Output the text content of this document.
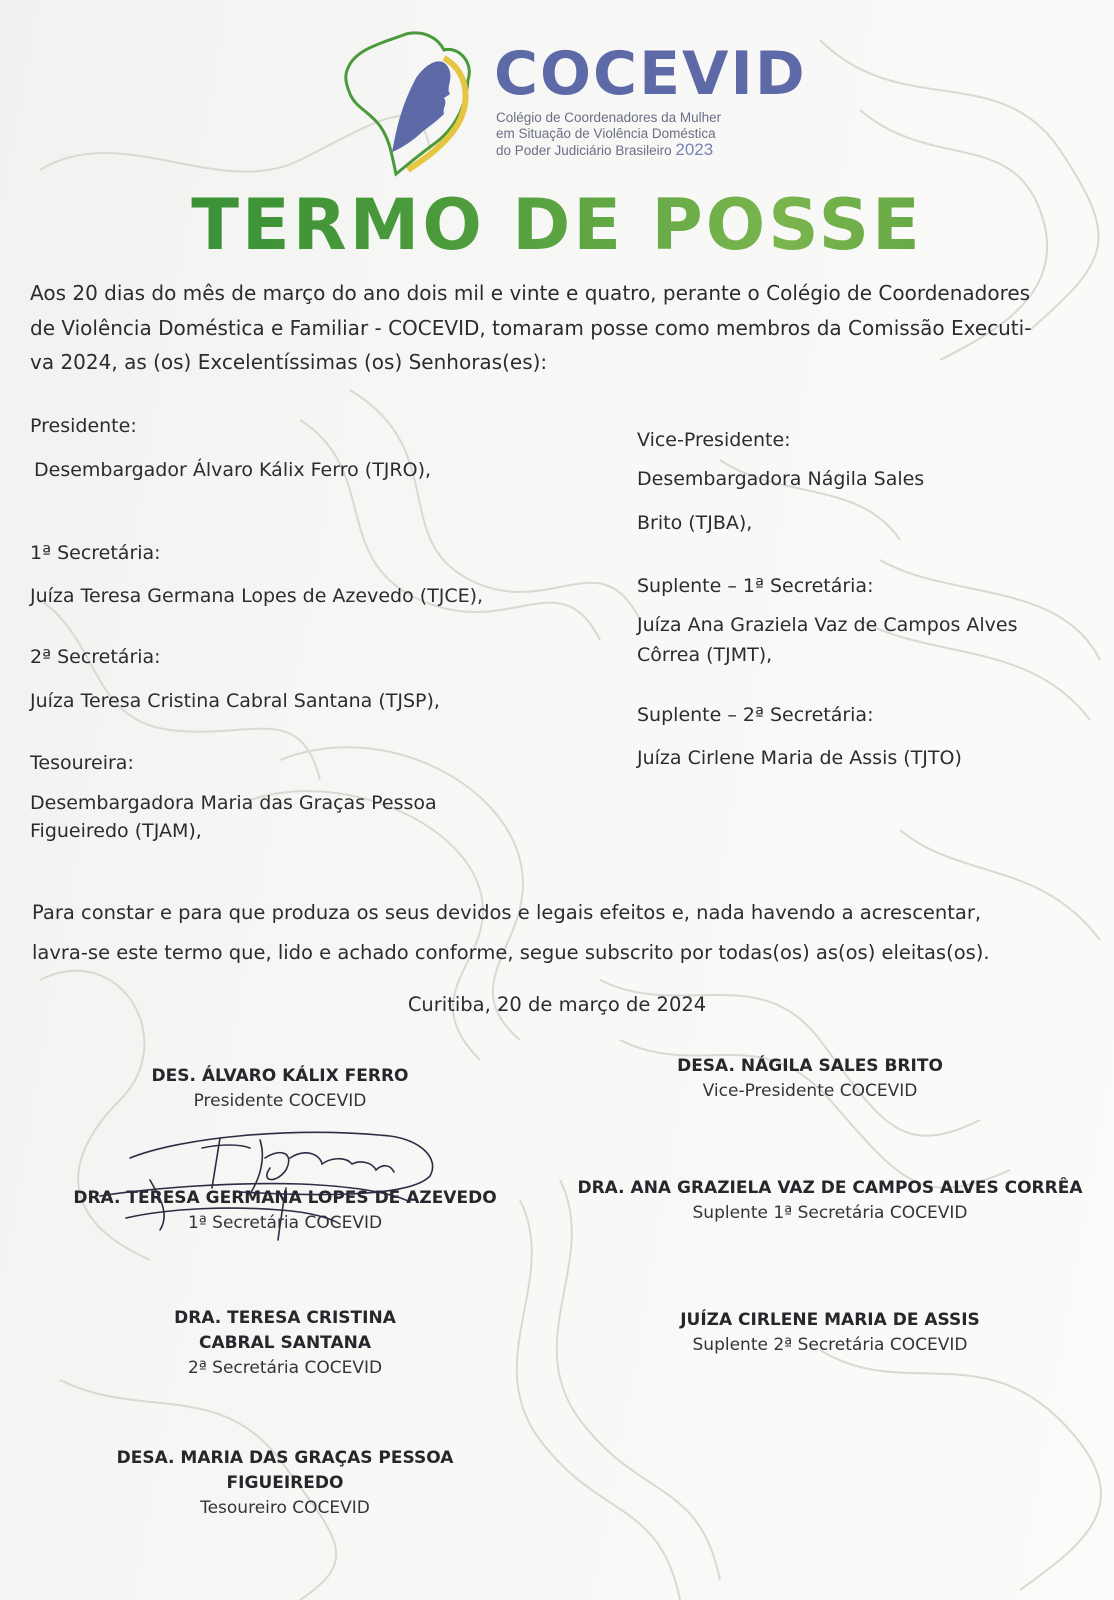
COCEVID
Colégio de Coordenadores da Mulher
em Situação de Violência Doméstica
do Poder Judiciário Brasileiro 2023
TERMO DE POSSE
Aos 20 dias do mês de março do ano dois mil e vinte e quatro, perante o Colégio de Coordenadores
de Violência Doméstica e Familiar - COCEVID, tomaram posse como membros da Comissão Executi-
va 2024, as (os) Excelentíssimas (os) Senhoras(es):
Presidente:
Desembargador Álvaro Kálix Ferro (TJRO),
1ª Secretária:
Juíza Teresa Germana Lopes de Azevedo (TJCE),
2ª Secretária:
Juíza Teresa Cristina Cabral Santana (TJSP),
Tesoureira:
Desembargadora Maria das Graças Pessoa
Figueiredo (TJAM),
Vice-Presidente:
Desembargadora Nágila Sales
Brito (TJBA),
Suplente – 1ª Secretária:
Juíza Ana Graziela Vaz de Campos Alves
Côrrea (TJMT),
Suplente – 2ª Secretária:
Juíza Cirlene Maria de Assis (TJTO)
Para constar e para que produza os seus devidos e legais efeitos e, nada havendo a acrescentar,
lavra-se este termo que, lido e achado conforme, segue subscrito por todas(os) as(os) eleitas(os).
Curitiba, 20 de março de 2024
DES. ÁLVARO KÁLIX FERRO
Presidente COCEVID
DRA. TERESA GERMANA LOPES DE AZEVEDO
1ª Secretária COCEVID
DRA. TERESA CRISTINA
CABRAL SANTANA
2ª Secretária COCEVID
DESA. MARIA DAS GRAÇAS PESSOA
FIGUEIREDO
Tesoureiro COCEVID
DESA. NÁGILA SALES BRITO
Vice-Presidente COCEVID
DRA. ANA GRAZIELA VAZ DE CAMPOS ALVES CORRÊA
Suplente 1ª Secretária COCEVID
JUÍZA CIRLENE MARIA DE ASSIS
Suplente 2ª Secretária COCEVID
